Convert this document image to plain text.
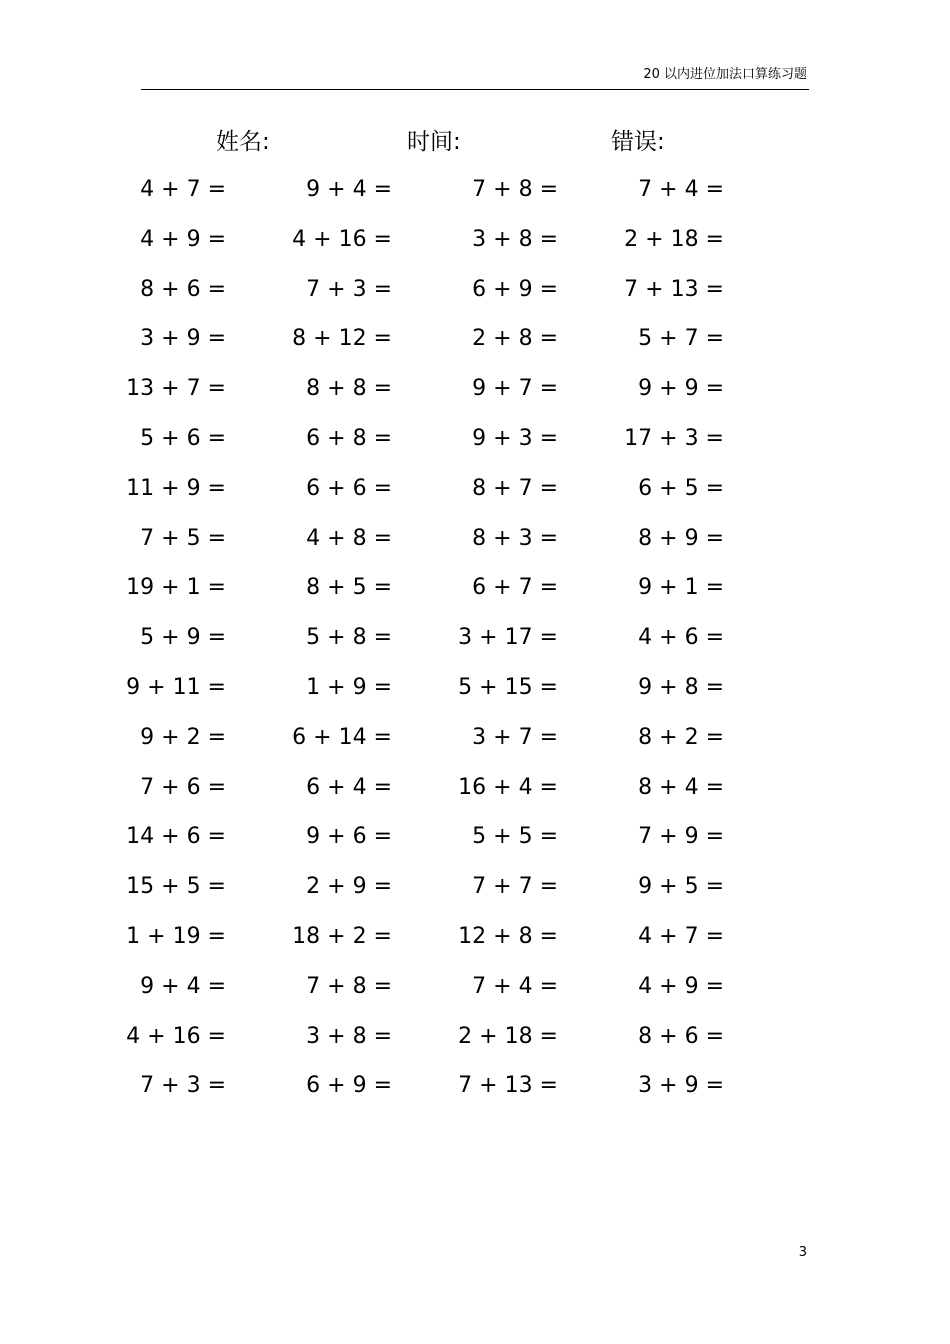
20 以内进位加法口算练习题
姓名:	时间:	错误:
4 + 7 =	9 + 4 =	7 + 8 =	7 + 4 =
4 + 9 =	4 + 16 =	3 + 8 =	2 + 18 =
8 + 6 =	7 + 3 =	6 + 9 =	7 + 13 =
3 + 9 =	8 + 12 =	2 + 8 =	5 + 7 =
13 + 7 =	8 + 8 =	9 + 7 =	9 + 9 =
5 + 6 =	6 + 8 =	9 + 3 =	17 + 3 =
11 + 9 =	6 + 6 =	8 + 7 =	6 + 5 =
7 + 5 =	4 + 8 =	8 + 3 =	8 + 9 =
19 + 1 =	8 + 5 =	6 + 7 =	9 + 1 =
5 + 9 =	5 + 8 =	3 + 17 =	4 + 6 =
9 + 11 =	1 + 9 =	5 + 15 =	9 + 8 =
9 + 2 =	6 + 14 =	3 + 7 =	8 + 2 =
7 + 6 =	6 + 4 =	16 + 4 =	8 + 4 =
14 + 6 =	9 + 6 =	5 + 5 =	7 + 9 =
15 + 5 =	2 + 9 =	7 + 7 =	9 + 5 =
1 + 19 =	18 + 2 =	12 + 8 =	4 + 7 =
9 + 4 =	7 + 8 =	7 + 4 =	4 + 9 =
4 + 16 =	3 + 8 =	2 + 18 =	8 + 6 =
7 + 3 =	6 + 9 =	7 + 13 =	3 + 9 =
3
